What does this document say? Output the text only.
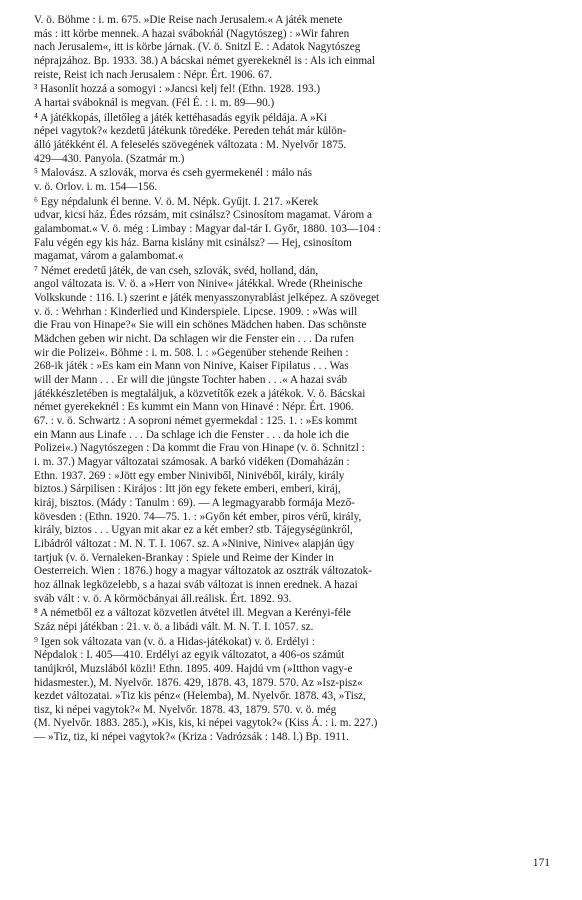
V. ö. Böhme : i. m. 675. »Die Reise nach Jerusalem.« A játék menete
más : itt körbe mennek. A hazai svábokńál (Nagytószeg) : »Wir fahren
nach Jerusalem«, itt is körbe járnak. (V. ö. Snitzl E. : Adatok Nagytószeg
néprajzához. Bp. 1933. 38.) A bácskai német gyerekeknél is : Als ich einmal
reiste, Reist ich nach Jerusalem : Népr. Ért. 1906. 67.
³ Hasonlít hozzá a somogyi : »Jancsi kelj fel! (Ethn. 1928. 193.)
A hartai sváboknál is megvan. (Fél É. : i. m. 89—90.)
⁴ A játékkopás, illetőleg a játék kettéhasadás egyik példája. A »Ki
népei vagytok?« kezdetű játékunk töredéke. Pereden tehát már külön-
álló játékként él. A feleselés szövegének változata : M. Nyelvőr 1875.
429—430. Panyola. (Szatmár m.)
⁵ Malovász. A szlovák, morva és cseh gyermekenél : málo nás
v. ö. Orlov. i. m. 154—156.
⁶ Egy népdalunk él benne. V. ö. M. Népk. Gyűjt. I. 217. »Kerek
udvar, kicsi ház. Édes rózsám, mit csinálsz? Csinosítom magamat. Várom a
galambomat.« V. ö. még : Limbay : Magyar dal-tár I. Győr, 1880. 103—104 :
Falu végén egy kis ház. Barna kislány mit csinálsz? — Hej, csinosítom
magamat, várom a galambomat.«
⁷ Német eredetű játék, de van cseh, szlovák, svéd, holland, dán,
angol változata is. V. ö. a »Herr von Ninive« játékkal. Wrede (Rheinische
Volkskunde : 116. l.) szerint e játék menyasszonyrablást jelképez. A szöveget
v. ö. : Wehrhan : Kinderlied und Kinderspiele. Lipcse. 1909. : »Was will
die Frau von Hinape?« Sie will ein schönes Mädchen haben. Das schönste
Mädchen geben wir nicht. Da schlagen wir die Fenster ein . . . Da rufen
wir die Polizei«. Böhme : i. m. 508. l. : »Gegenüber stehende Reihen :
268-ik játék : »Es kam ein Mann von Ninive, Kaiser Fipilatus . . . Was
will der Mann . . . Er will die jüngste Tochter haben . . .« A hazai sváb
játékkészletében is megtaláljuk, a közvetítők ezek a játékok. V. ö. Bácskai
német gyerekeknél : Es kummt ein Mann von Hinavé : Népr. Ért. 1906.
67. : v. ö. Schwartz : A soproni német gyermekdal : 125. 1. : »Es kommt
ein Mann aus Linafe . . . Da schlage ich die Fenster . . . da hole ich die
Polizei«.) Nagytószegen : Da kommt die Frau von Hinape (v. ö. Schnitzl :
i. m. 37.) Magyar változatai számosak. A barkó vidéken (Domaházán :
Ethn. 1937. 269 : »Jött egy ember Niniviből, Ninivéből, király, király
biztos.) Sárpilisen : Kirájos : Itt jön egy fekete emberi, emberi, kiráj,
kiráj, bisztos. (Mády : Tanulm : 69). — A legmagyarabb formája Mező-
kövesden : (Ethn. 1920. 74—75. 1. : »Győn két ember, piros vérű, király,
király, biztos . . . Ugyan mit akar ez a két ember? stb. Tájegységünkről,
Libádról változat : M. N. T. I. 1067. sz. A »Ninive, Ninive« alapján úgy
tartjuk (v. ö. Vernaleken-Brankay : Spiele und Reime der Kinder in
Oesterreich. Wien : 1876.) hogy a magyar változatok az osztrák változatok-
hoz állnak legközelebb, s a hazai sváb változat is innen erednek. A hazai
sváb vált : v. ö. A körmöcbányai áll.reálisk. Ért. 1892. 93.
⁸ A németből ez a változat közvetlen átvétel ill. Megvan a Kerényi-féle
Száz népi játékban : 21. v. ö. a libádi vált. M. N. T. I. 1057. sz.
⁹ Igen sok változata van (v. ö. a Hidas-játékokat) v. ö. Erdélyi :
Népdalok : I. 405—410. Erdélyi az egyik változatot, a 406-os számút
tanújkról, Muzslából közli! Ethn. 1895. 409. Hajdú vm (»Itthon vagy-e
hidasmester.), M. Nyelvőr. 1876. 429, 1878. 43, 1879. 570. Az »Isz-pisz«
kezdet változatai. »Tiz kis pénz« (Helemba), M. Nyelvőr. 1878. 43, »Tisz,
tisz, ki népei vagytok?« M. Nyelvőr. 1878. 43, 1879. 570. v. ö. még
(M. Nyelvőr. 1883. 285.), »Kis, kis, ki népei vagytok?« (Kiss Á. : i. m. 227.)
— »Tiz, tiz, ki népei vagytok?« (Kriza : Vadrózsák : 148. l.) Bp. 1911.
171
